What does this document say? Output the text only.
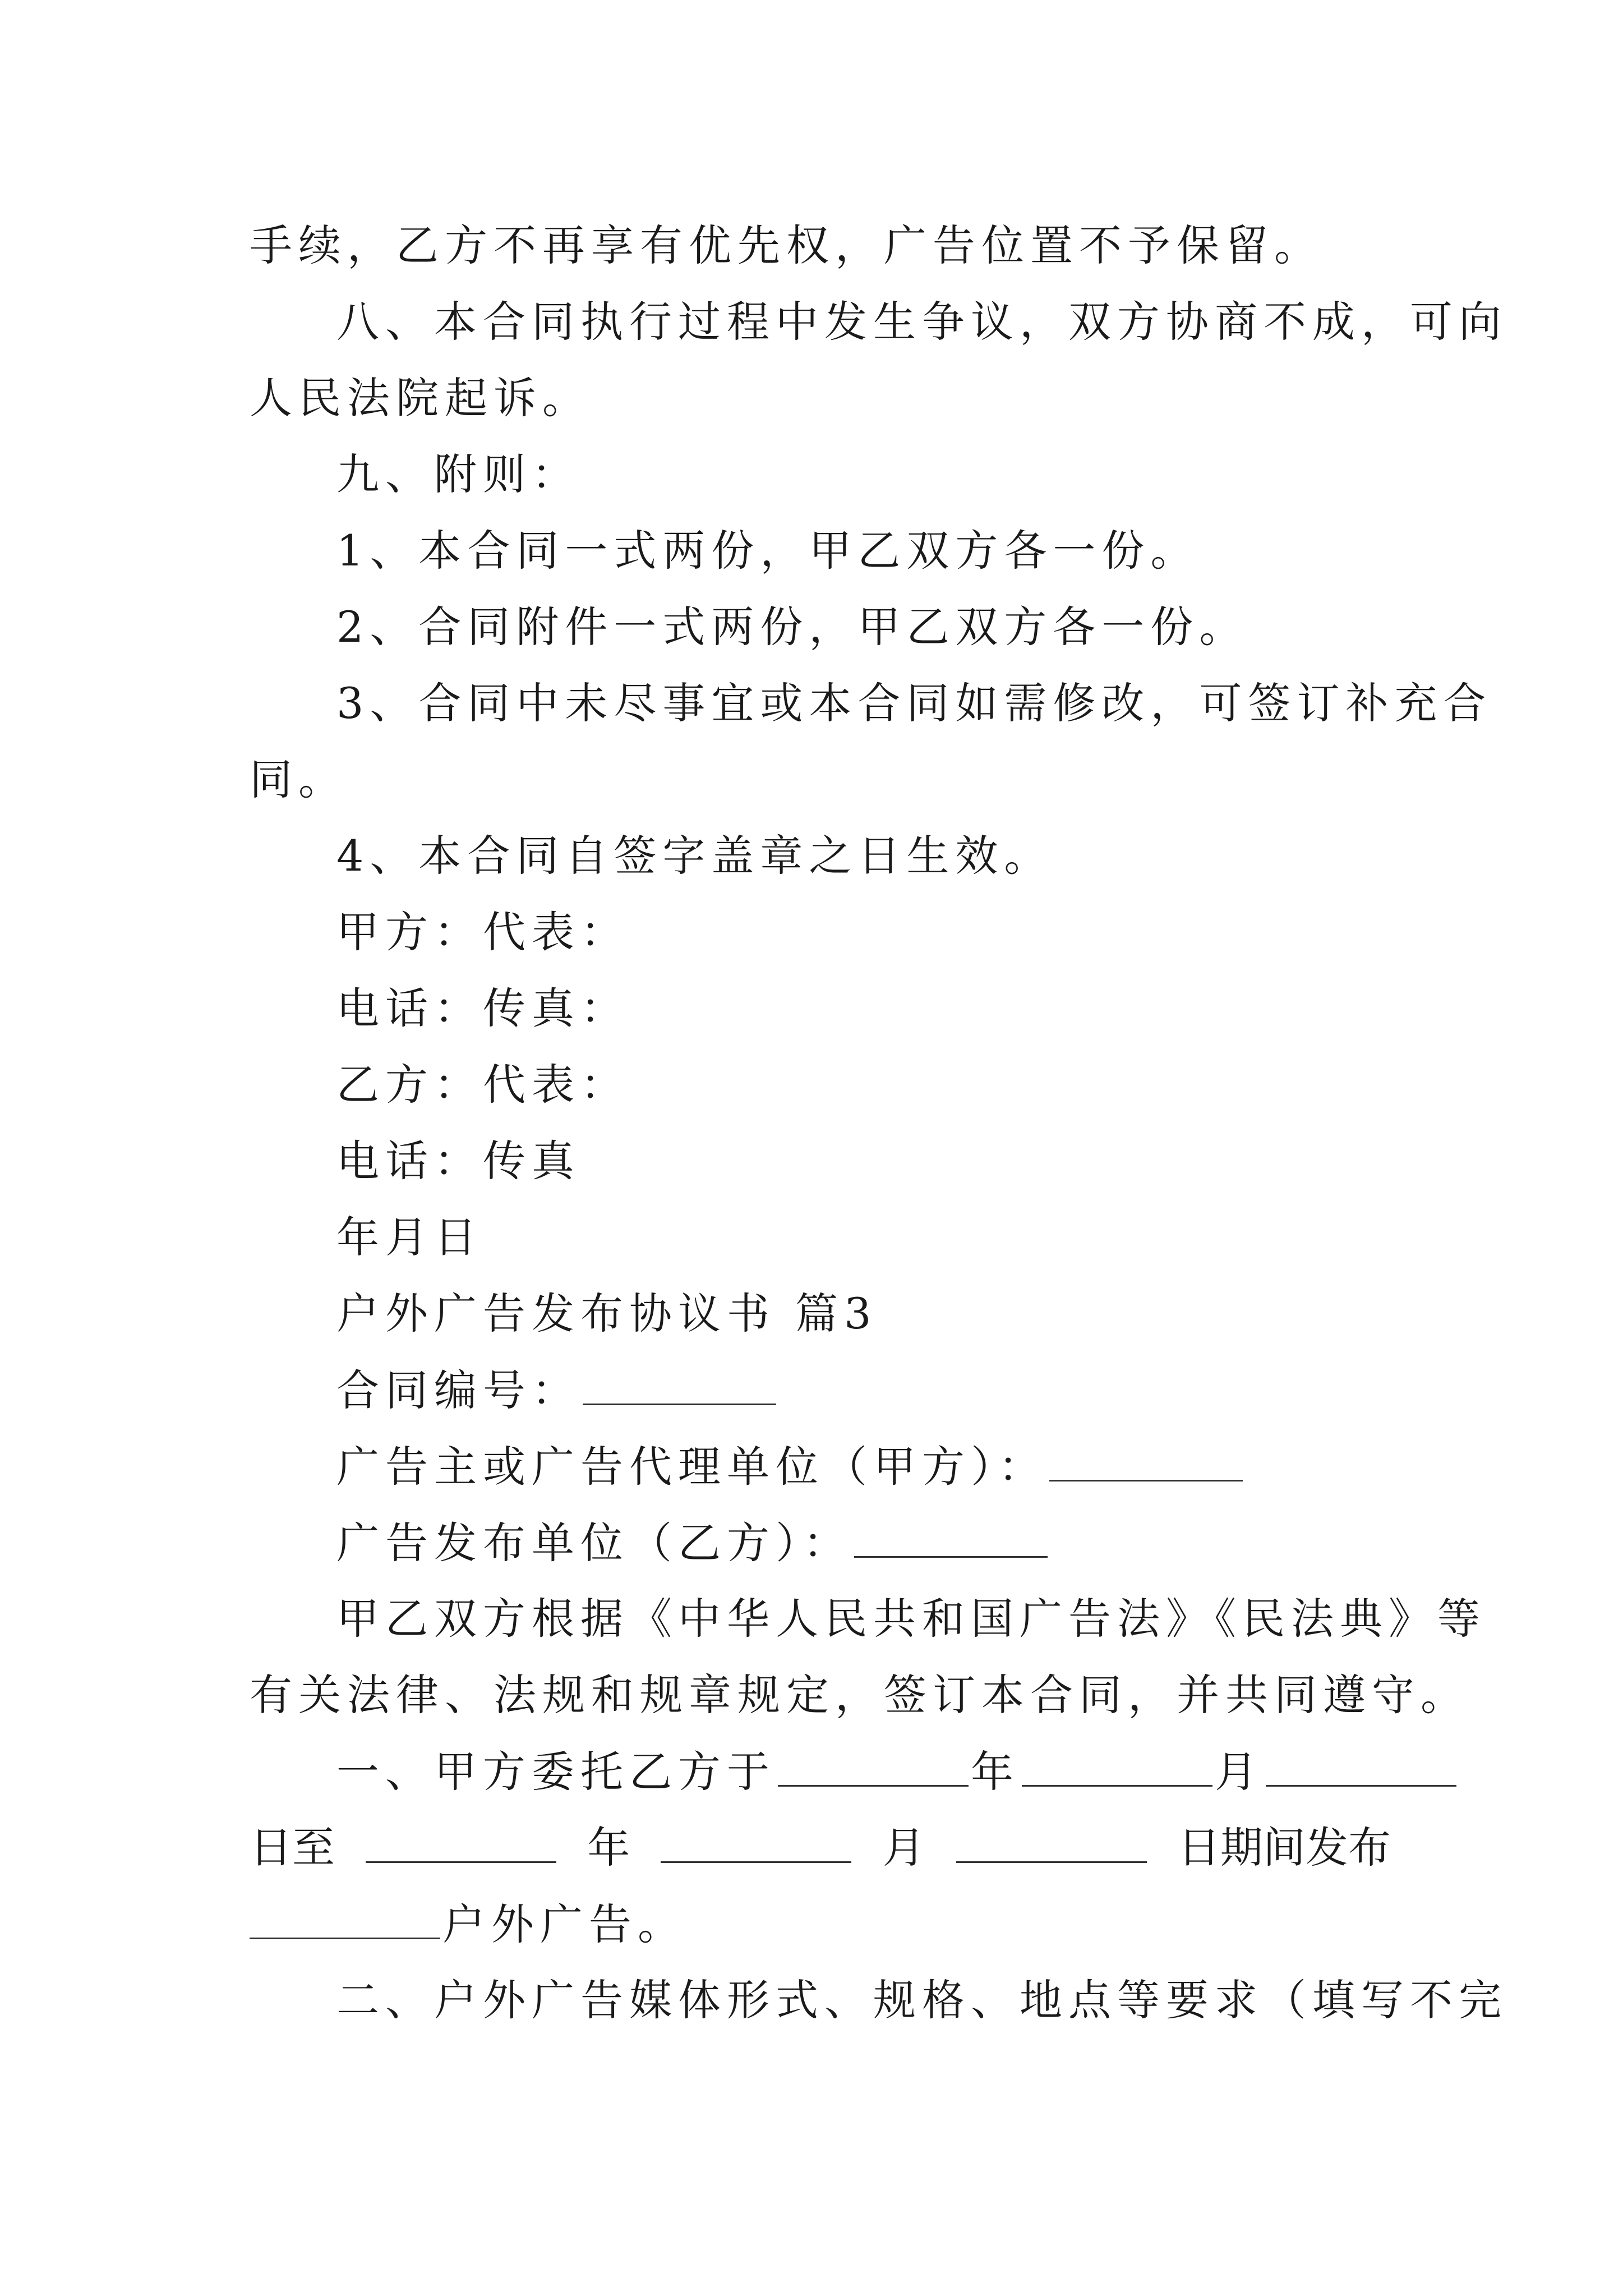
手续，乙方不再享有优先权，广告位置不予保留。
八、本合同执行过程中发生争议，双方协商不成，可向
人民法院起诉。
九、附则：
1、本合同一式两份，甲乙双方各一份。
2、合同附件一式两份，甲乙双方各一份。
3、合同中未尽事宜或本合同如需修改，可签订补充合
同。
4、本合同自签字盖章之日生效。
甲方：代表：
电话：传真：
乙方：代表：
电话：传真
年月日
户外广告发布协议书 篇3
合同编号：
广告主或广告代理单位（甲方）：
广告发布单位（乙方）：
甲乙双方根据《中华人民共和国广告法》《民法典》等
有关法律、法规和规章规定，签订本合同，并共同遵守。
一、甲方委托乙方于	年	月
日至	年	月	日期间发布
户外广告。
二、户外广告媒体形式、规格、地点等要求（填写不完
